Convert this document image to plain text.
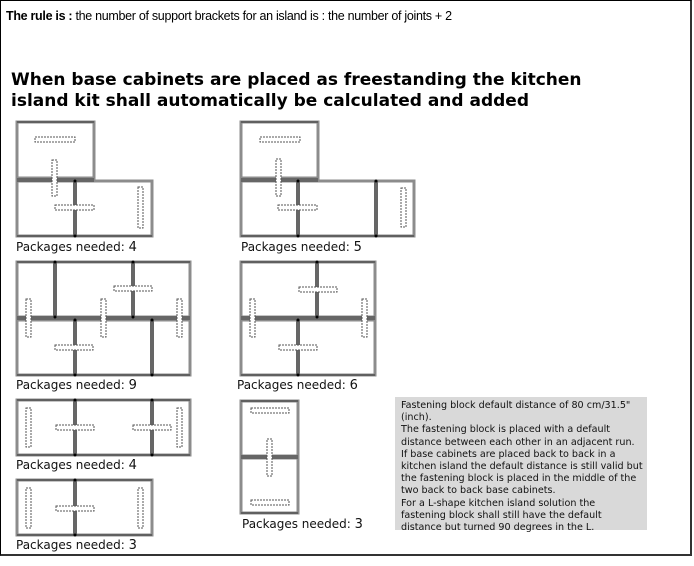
The rule is : the number of support brackets for an island is : the number of joints + 2
When base cabinets are placed as freestanding the kitchen
island kit shall automatically be calculated and added
Packages needed: 4	Packages needed: 5
Packages needed: 9	Packages needed: 6
Packages needed: 4
Packages needed: 3
Packages needed: 3

Fastening block default distance of 80 cm/31.5" (inch).

The fastening block is placed with a default distance between each other in an adjacent run.

If base cabinets are placed back to back in a kitchen island the default distance is still valid but the fastening block is placed in the middle of the two back to back base cabinets.

For a L-shape kitchen island solution the fastening block shall still have the default distance but turned 90 degrees in the L.
